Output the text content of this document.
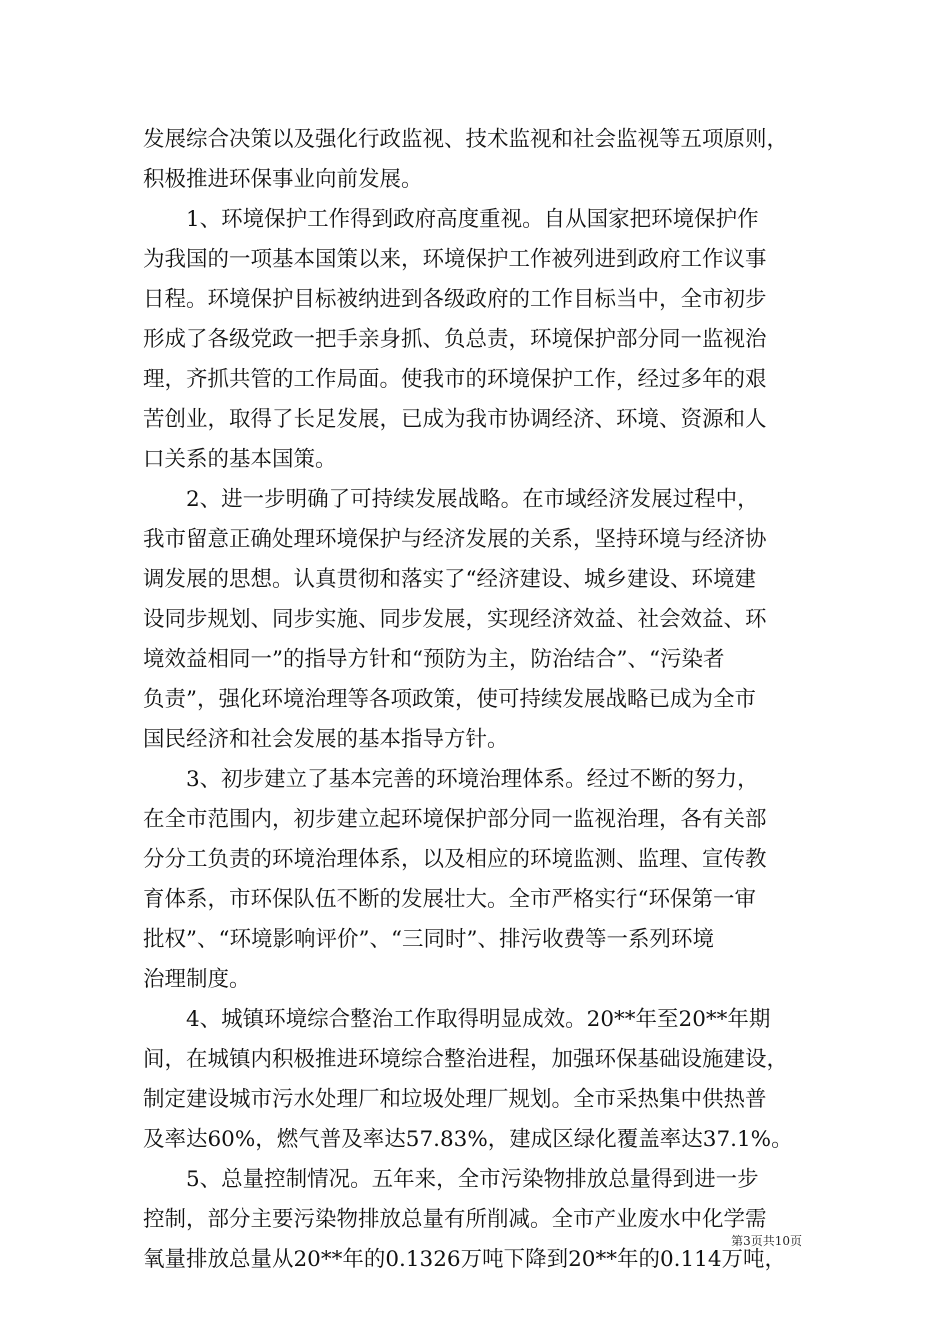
发展综合决策以及强化行政监视、技术监视和社会监视等五项原则，
积极推进环保事业向前发展。
1、环境保护工作得到政府高度重视。自从国家把环境保护作
为我国的一项基本国策以来，环境保护工作被列进到政府工作议事
日程。环境保护目标被纳进到各级政府的工作目标当中，全市初步
形成了各级党政一把手亲身抓、负总责，环境保护部分同一监视治
理，齐抓共管的工作局面。使我市的环境保护工作，经过多年的艰
苦创业，取得了长足发展，已成为我市协调经济、环境、资源和人
口关系的基本国策。
2、进一步明确了可持续发展战略。在市域经济发展过程中，
我市留意正确处理环境保护与经济发展的关系，坚持环境与经济协
调发展的思想。认真贯彻和落实了“经济建设、城乡建设、环境建
设同步规划、同步实施、同步发展，实现经济效益、社会效益、环
境效益相同一”的指导方针和“预防为主，防治结合”、“污染者
负责”，强化环境治理等各项政策，使可持续发展战略已成为全市
国民经济和社会发展的基本指导方针。
3、初步建立了基本完善的环境治理体系。经过不断的努力，
在全市范围内，初步建立起环境保护部分同一监视治理，各有关部
分分工负责的环境治理体系，以及相应的环境监测、监理、宣传教
育体系，市环保队伍不断的发展壮大。全市严格实行“环保第一审
批权”、“环境影响评价”、“三同时”、排污收费等一系列环境
治理制度。
4、城镇环境综合整治工作取得明显成效。20**年至20**年期
间，在城镇内积极推进环境综合整治进程，加强环保基础设施建设，
制定建设城市污水处理厂和垃圾处理厂规划。全市采热集中供热普
及率达60%，燃气普及率达57.83%，建成区绿化覆盖率达37.1%。
5、总量控制情况。五年来，全市污染物排放总量得到进一步
控制，部分主要污染物排放总量有所削减。全市产业废水中化学需
氧量排放总量从20**年的0.1326万吨下降到20**年的0.114万吨，
第3页共10页
